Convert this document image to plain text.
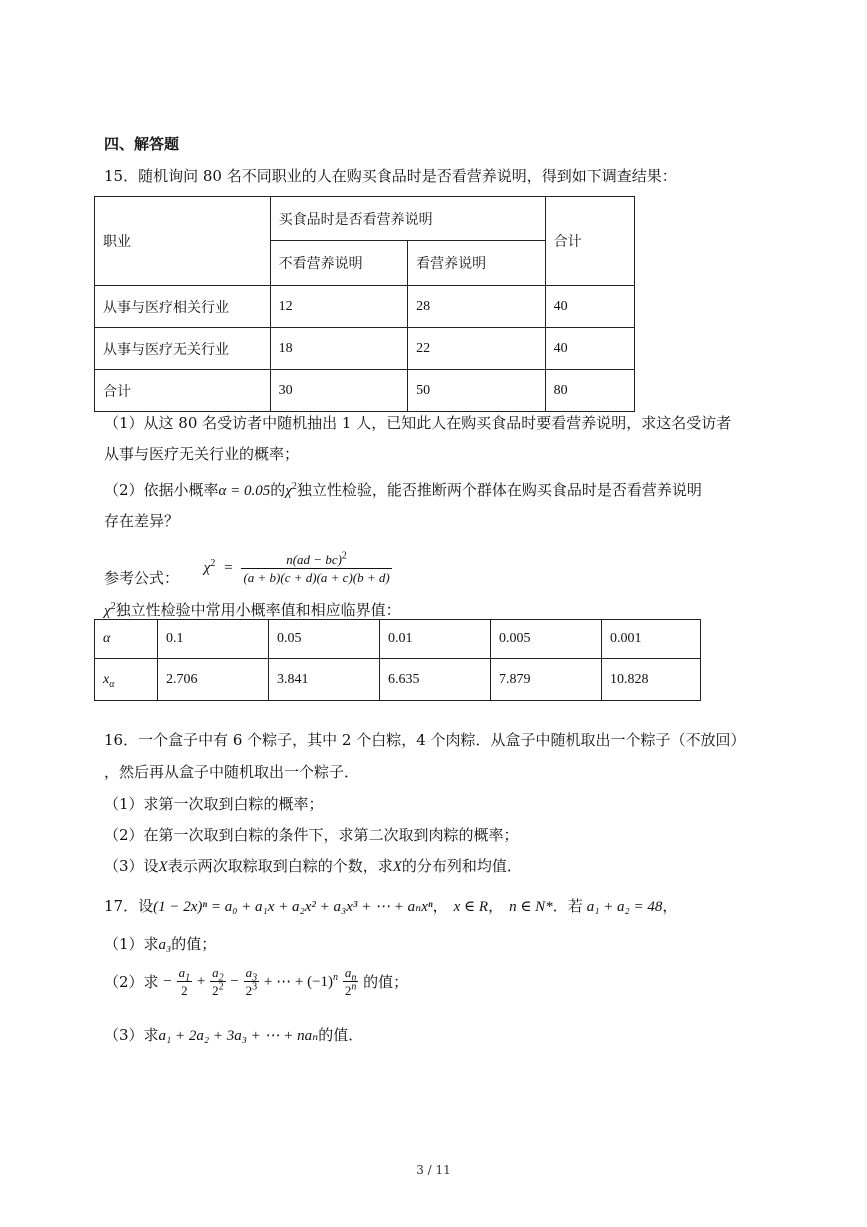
四、解答题
15．随机询问 80 名不同职业的人在购买食品时是否看营养说明，得到如下调查结果：
职业	买食品时是否看营养说明		合计
	不看营养说明	看营养说明	
从事与医疗相关行业	12	28	40
从事与医疗无关行业	18	22	40
合计	30	50	80
（1）从这 80 名受访者中随机抽出 1 人，已知此人在购买食品时要看营养说明，求这名受访者
从事与医疗无关行业的概率；
（2）依据小概率α = 0.05的$\chi^2$独立性检验，能否推断两个群体在购买食品时是否看营养说明
存在差异？
参考公式： $\chi^2 = \frac{n(ad - bc)^2}{(a + b)(c + d)(a + c)(b + d)}$
$\chi^2$独立性检验中常用小概率值和相应临界值：
α	0.1	0.05	0.01	0.005	0.001
$x_\alpha$	2.706	3.841	6.635	7.879	10.828
16．一个盒子中有 6 个粽子，其中 2 个白粽，4 个肉粽．从盒子中随机取出一个粽子（不放回）
，然后再从盒子中随机取出一个粽子．
（1）求第一次取到白粽的概率；
（2）在第一次取到白粽的条件下，求第二次取到肉粽的概率；
（3）设X表示两次取粽取到白粽的个数，求X的分布列和均值．
17．设(1 − 2x)ⁿ = a₀ + a₁x + a₂x² + a₃x³ + ⋯ + aₙxⁿ， x ∈ R， n ∈ N*．若 a₁ + a₂ = 48，
（1）求a₃的值；
（2）求 − $\frac{a_1}{2} + \frac{a_2}{2^2} - \frac{a_3}{2^3}$ + ⋯ + $(-1)^n \frac{a_n}{2^n}$ 的值；
（3）求a₁ + 2a₂ + 3a₃ + ⋯ + naₙ的值．
3 / 11
